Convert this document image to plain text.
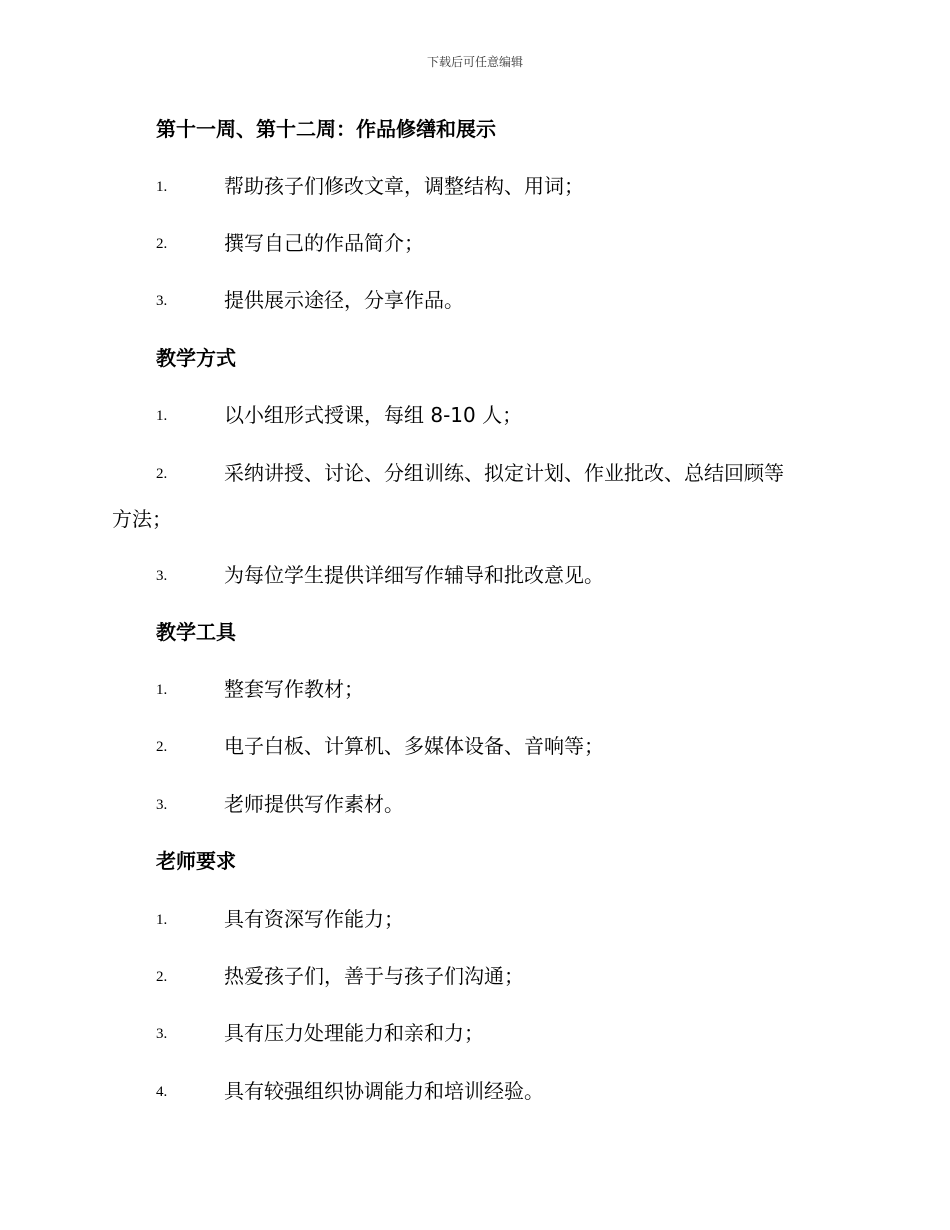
下载后可任意编辑
第十一周、第十二周：作品修缮和展示
1.	帮助孩子们修改文章，调整结构、用词；
2.	撰写自己的作品简介；
3.	提供展示途径，分享作品。
教学方式
1.	以小组形式授课，每组 8-10 人；
2.	采纳讲授、讨论、分组训练、拟定计划、作业批改、总结回顾等
方法；
3.	为每位学生提供详细写作辅导和批改意见。
教学工具
1.	整套写作教材；
2.	电子白板、计算机、多媒体设备、音响等；
3.	老师提供写作素材。
老师要求
1.	具有资深写作能力；
2.	热爱孩子们，善于与孩子们沟通；
3.	具有压力处理能力和亲和力；
4.	具有较强组织协调能力和培训经验。
